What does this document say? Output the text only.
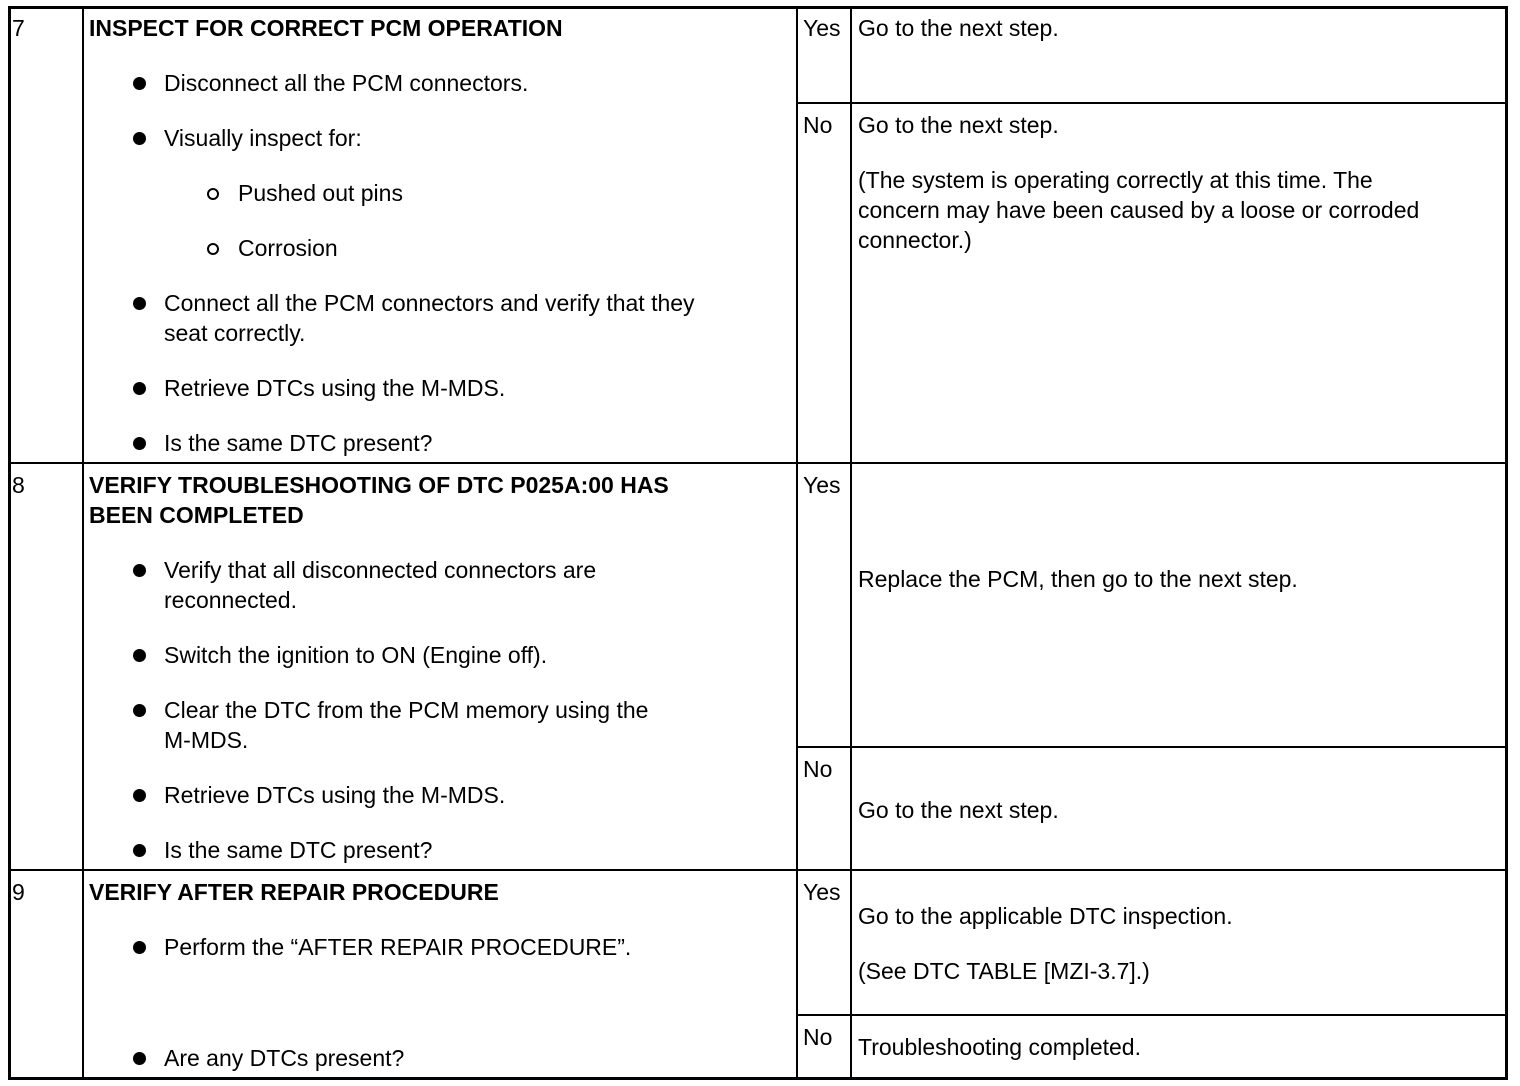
7	INSPECT FOR CORRECT PCM OPERATION
Disconnect all the PCM connectors.
Visually inspect for:
Pushed out pins
Corrosion
Connect all the PCM connectors and verify that they
seat correctly.
Retrieve DTCs using the M-MDS.
Is the same DTC present?
Yes Go to the next step.
No Go to the next step.
(The system is operating correctly at this time. The
concern may have been caused by a loose or corroded
connector.)
8	VERIFY TROUBLESHOOTING OF DTC P025A:00 HAS
BEEN COMPLETED
Verify that all disconnected connectors are
reconnected.
Switch the ignition to ON (Engine off).
Clear the DTC from the PCM memory using the
M-MDS.
Retrieve DTCs using the M-MDS.
Is the same DTC present?
Yes
Replace the PCM, then go to the next step.
No
Go to the next step.
9	VERIFY AFTER REPAIR PROCEDURE
Perform the “AFTER REPAIR PROCEDURE”.
Are any DTCs present?
Yes
Go to the applicable DTC inspection.
(See DTC TABLE [MZI-3.7].)
No Troubleshooting completed.
